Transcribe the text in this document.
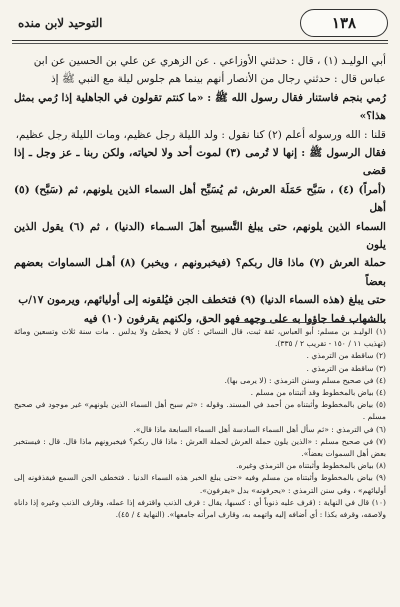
١٣٨
التوحيد لابن منده

أبي الوليـد (١) ، قال : حدثني الأوزاعي . عن الزهري عن علي بن الحسين عن ابن

عباس قال : حدثني رجال من الأنصار أنهم بينما هم جلوس ليلة مع النبي ﷺ إذ

رُمي بنجم فاستنار فقال رسول الله ﷺ : «ما كنتم تقولون في الجاهلية إذا رُمي بمثل هذا؟»

قلنا : الله ورسوله أعلم (٢) كنا نقول : ولد الليلة رجل عظيم، ومات الليلة رجل عظيم،

فقال الرسول ﷺ : إنها لا تُرمى (٣) لموت أحد ولا لحياته، ولكن ربنا ـ عز وجل ـ إذا قضى

(أمراً) (٤) ، سَبَّح حَمَلَة العرش، ثم يُسَبِّح أهل السماء الذين يلونهم، ثم (سَبَّح) (٥) أهل

السماء الذين يلونهم، حتى يبلغ التَّسبيح أهلَ السـماء (الدنيا) ، ثم (٦) يقول الذين يلون

حملة العرش (٧) ماذا قال ربكم؟ (فيخبرونهم ، ويخبر) (٨) أهـل السماوات بعضهم بعضاً

حتى يبلغ (هذه السماء الدنيا) (٩) فتخطف الجن فيُلقونه إلى أوليائهم، ويرمون ١٧/ب

بالشهاب فما جاؤوا به على وجهه فهو الحق، ولكنهم يقرفون (١٠) فيه

(١) الوليـد بن مسلم: أبو العباس، ثقة ثبت، قال النسائي : كان لا يخطئ ولا يدلس . مات سنة ثلاث وتسعين ومائة (تهذيب ١١ / ١٥٠ - تقريب ٢ / ٣٣٥).

(٢) ساقطة من الترمذي .

(٣) ساقطة من الترمذي .

(٤) في صحيح مسلم وسنن الترمذي : (لا يرمى بها).

(٤) بياض بالمخطوط وقد أثبتناه من مسلم .

(٥) بياض بالمخطوط وأثبتناه من أحمد في المسند. وقوله : «ثم سبح أهل السماء الذين يلونهم» غير موجود في صحيح مسلم .

(٦) في الترمذي : «ثم سأل أهل السماء السادسة أهل السماء السابعة ماذا قال».

(٧) في صحيح مسلم : «الذين يلون حملة العرش لحملة العرش : ماذا قال ربكم؟ فيخبرونهم ماذا قال. قال : فيستخبر بعض أهل السموات بعضاً».

(٨) بياض بالمخطوط وأثبتناه من الترمذي وغيره.

(٩) بياض بالمخطوط وأثبتناه من مسلم وفيه «حتى يبلغ الخبر هذه السماء الدنيا . فتخطف الجن السمع فيقذفونه إلى أوليائهم» ، وفي سنن الترمذي : «يحرفونه» بدل «يقرفون».

(١٠) قال في النهاية : (قرف عليه ذنوباً أي : كسبها، يقال : قرف الذنب واقترفه إذا عمله، وقارف الذنب وغيره إذا داناه ولاصقه، وقرفه بكذا : أي أضافه إليه واتهمه به، وقارف امرأته جامعها». (النهاية ٤ / ٤٥).
